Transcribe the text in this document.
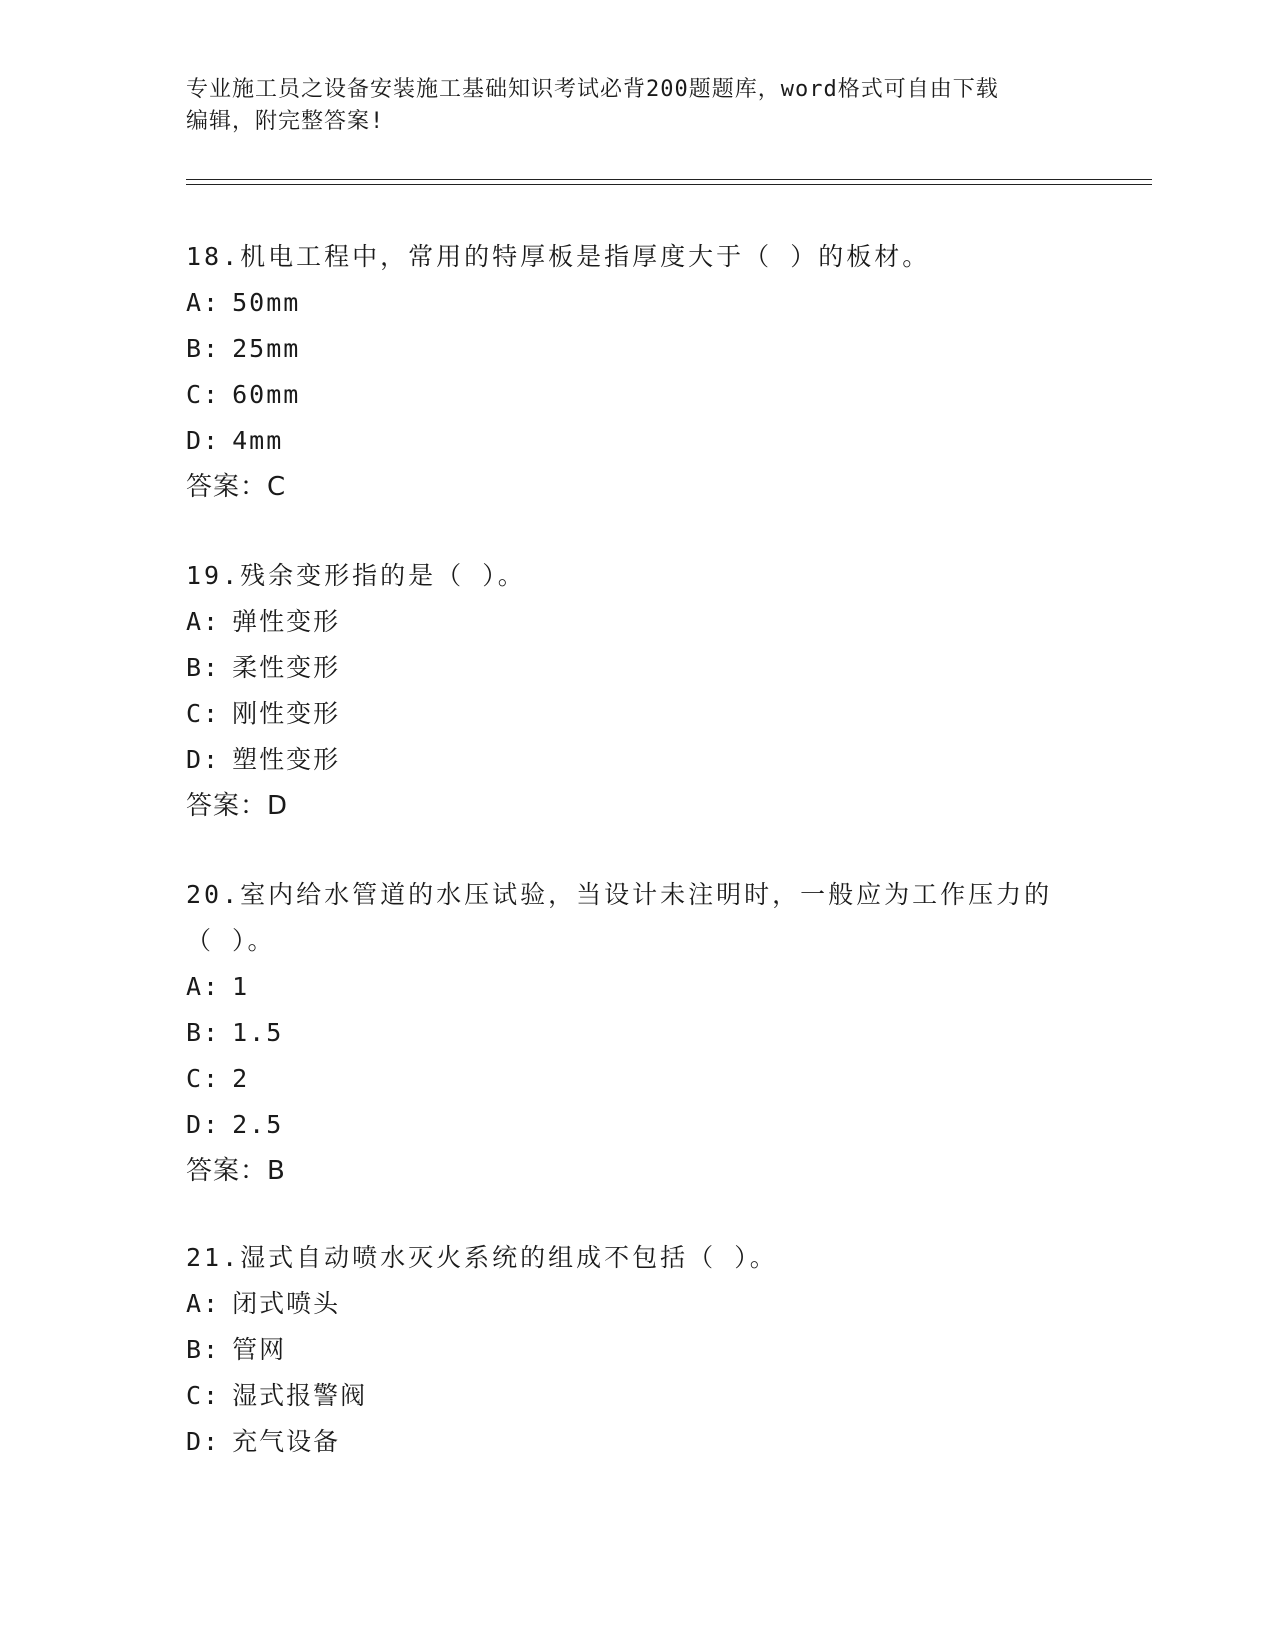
专业施工员之设备安装施工基础知识考试必背200题题库，word格式可自由下载
编辑，附完整答案!

18.机电工程中，常用的特厚板是指厚度大于（ ）的板材。

A: 50mm

B: 25mm

C: 60mm

D: 4mm

答案：C

19.残余变形指的是（ ）。

A: 弹性变形

B: 柔性变形

C: 刚性变形

D: 塑性变形

答案：D

20.室内给水管道的水压试验，当设计未注明时，一般应为工作压力的

（ ）。

A: 1

B: 1.5

C: 2

D: 2.5

答案：B

21.湿式自动喷水灭火系统的组成不包括（ ）。

A: 闭式喷头

B: 管网

C: 湿式报警阀

D: 充气设备
